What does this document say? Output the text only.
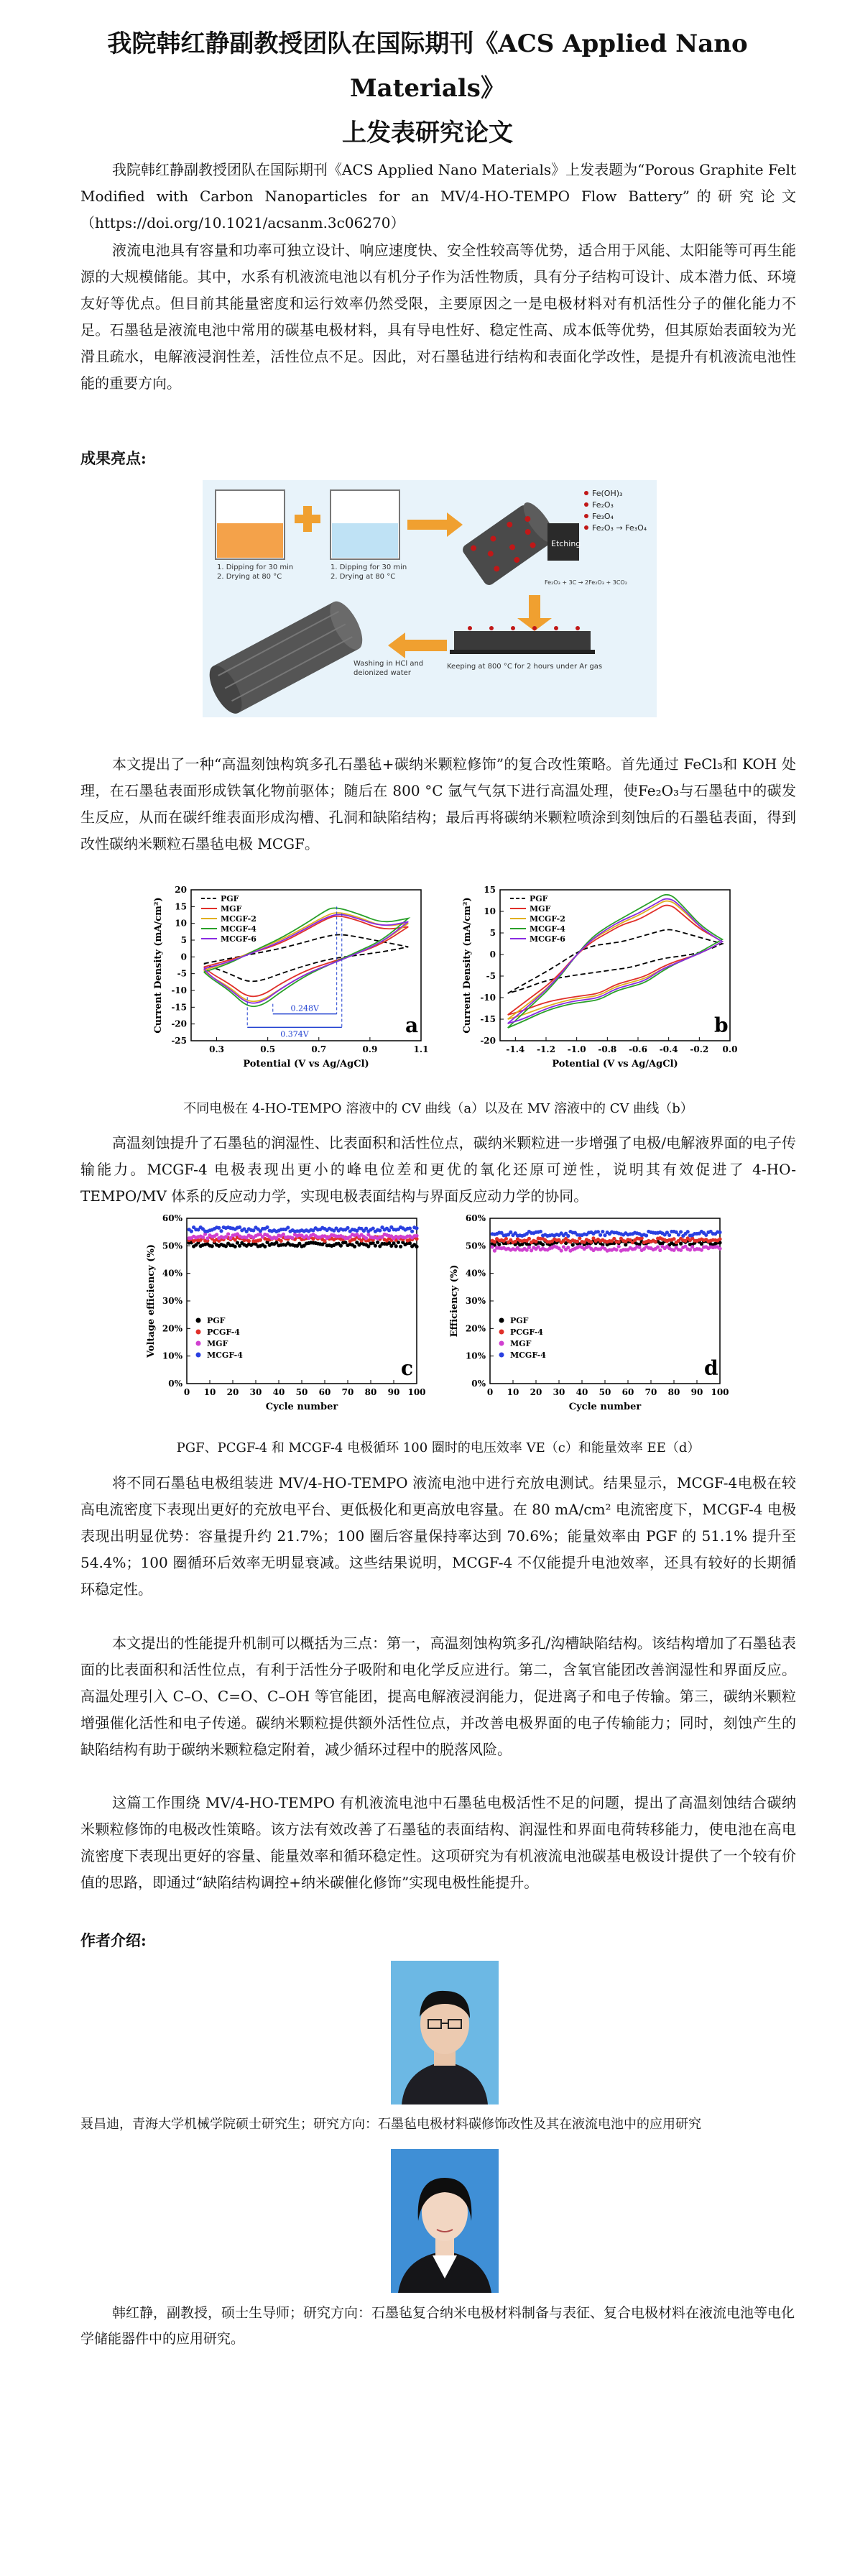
我院韩红静副教授团队在国际期刊《ACS Applied Nano Materials》
上发表研究论文

我院韩红静副教授团队在国际期刊《ACS Applied Nano Materials》上发表题为“Porous Graphite Felt Modified with Carbon Nanoparticles for an MV/4-HO-TEMPO Flow Battery”的研究论文（https://doi.org/10.1021/acsanm.3c06270）

液流电池具有容量和功率可独立设计、响应速度快、安全性较高等优势，适合用于风能、太阳能等可再生能源的大规模储能。其中，水系有机液流电池以有机分子作为活性物质，具有分子结构可设计、成本潜力低、环境友好等优点。但目前其能量密度和运行效率仍然受限，主要原因之一是电极材料对有机活性分子的催化能力不足。石墨毡是液流电池中常用的碳基电极材料，具有导电性好、稳定性高、成本低等优势，但其原始表面较为光滑且疏水，电解液浸润性差，活性位点不足。因此，对石墨毡进行结构和表面化学改性，是提升有机液流电池性能的重要方向。

成果亮点:

1. Dipping for 30 min
2. Drying at 80 °C
1. Dipping for 30 min
2. Drying at 80 °C
Etching
Fe(OH)₃
Fe₂O₃
Fe₃O₄
Fe₂O₃ → Fe₃O₄
Fe₂O₃ + 3C → 2Fe₂O₃ + 3CO₂
Keeping at 800 °C for 2 hours under Ar gas
Washing in HCl and
deionized water

本文提出了一种“高温刻蚀构筑多孔石墨毡+碳纳米颗粒修饰”的复合改性策略。首先通过 FeCl₃和 KOH 处理，在石墨毡表面形成铁氧化物前驱体；随后在 800 °C 氩气气氛下进行高温处理，使Fe₂O₃与石墨毡中的碳发生反应，从而在碳纤维表面形成沟槽、孔洞和缺陷结构；最后再将碳纳米颗粒喷涂到刻蚀后的石墨毡表面，得到改性碳纳米颗粒石墨毡电极 MCGF。

0.3	0.5	0.7	0.9	1.1
-25
-20
-15
-10
-5
0
5
10
15
20
Potential (V vs Ag/AgCl)
Current Density (mA/cm²)	a
PGF
MGF
MCGF-2
MCGF-4
MCGF-6
0.248V
0.374V
-1.4 -1.2 -1.0 -0.8 -0.6 -0.4 -0.2 0.0
-20
-15
-10
-5
0
5
10
15
Potential (V vs Ag/AgCl)
Current Density (mA/cm²)	b
PGF
MGF
MCGF-2
MCGF-4
MCGF-6

不同电极在 4-HO-TEMPO 溶液中的 CV 曲线（a）以及在 MV 溶液中的 CV 曲线（b）

高温刻蚀提升了石墨毡的润湿性、比表面积和活性位点，碳纳米颗粒进一步增强了电极/电解液界面的电子传输能力。MCGF-4 电极表现出更小的峰电位差和更优的氧化还原可逆性，说明其有效促进了 4-HO-TEMPO/MV 体系的反应动力学，实现电极表面结构与界面反应动力学的协同。

0 10 20 30 40 50 60 70 80 90 100
0%
10%
20%
30%
40%
50%
60%
Cycle number
Voltage efficiency (%)
c
PGF
PCGF-4
MGF
MCGF-4
0 10 20 30 40 50 60 70 80 90 100
0%
10%
20%
30%
40%
50%
60%
Cycle number
Efficiency (%)
d
PGF
PCGF-4
MGF
MCGF-4

PGF、PCGF-4 和 MCGF-4 电极循环 100 圈时的电压效率 VE（c）和能量效率 EE（d）

将不同石墨毡电极组装进 MV/4-HO-TEMPO 液流电池中进行充放电测试。结果显示，MCGF-4电极在较高电流密度下表现出更好的充放电平台、更低极化和更高放电容量。在 80 mA/cm² 电流密度下，MCGF-4 电极表现出明显优势：容量提升约 21.7%；100 圈后容量保持率达到 70.6%；能量效率由 PGF 的 51.1% 提升至 54.4%；100 圈循环后效率无明显衰减。这些结果说明，MCGF-4 不仅能提升电池效率，还具有较好的长期循环稳定性。

本文提出的性能提升机制可以概括为三点：第一，高温刻蚀构筑多孔/沟槽缺陷结构。该结构增加了石墨毡表面的比表面积和活性位点，有利于活性分子吸附和电化学反应进行。第二，含氧官能团改善润湿性和界面反应。高温处理引入 C–O、C=O、C–OH 等官能团，提高电解液浸润能力，促进离子和电子传输。第三，碳纳米颗粒增强催化活性和电子传递。碳纳米颗粒提供额外活性位点，并改善电极界面的电子传输能力；同时，刻蚀产生的缺陷结构有助于碳纳米颗粒稳定附着，减少循环过程中的脱落风险。

这篇工作围绕 MV/4-HO-TEMPO 有机液流电池中石墨毡电极活性不足的问题，提出了高温刻蚀结合碳纳米颗粒修饰的电极改性策略。该方法有效改善了石墨毡的表面结构、润湿性和界面电荷转移能力，使电池在高电流密度下表现出更好的容量、能量效率和循环稳定性。这项研究为有机液流电池碳基电极设计提供了一个较有价值的思路，即通过“缺陷结构调控+纳米碳催化修饰”实现电极性能提升。

作者介绍:

聂昌迪，青海大学机械学院硕士研究生；研究方向：石墨毡电极材料碳修饰改性及其在液流电池中的应用研究

韩红静，副教授，硕士生导师；研究方向：石墨毡复合纳米电极材料制备与表征、复合电极材料在液流电池等电化学储能器件中的应用研究。
